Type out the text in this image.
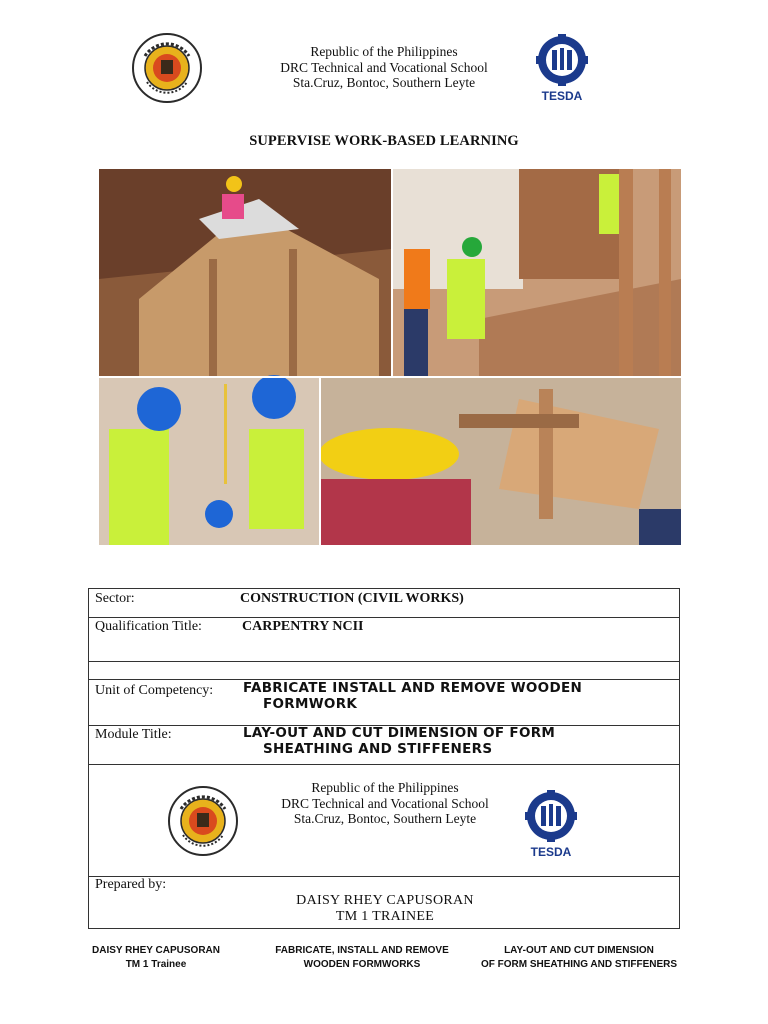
Republic of the Philippines
DRC Technical and Vocational School
Sta.Cruz, Bontoc, Southern Leyte
TESDA
SUPERVISE WORK-BASED LEARNING
Sector:	CONSTRUCTION (CIVIL WORKS)

Qualification Title:	CARPENTRY NCII

Unit of Competency: FABRICATE INSTALL AND REMOVE WOODEN
FORMWORK

Module Title:	LAY-OUT AND CUT DIMENSION OF FORM
SHEATHING AND STIFFENERS

Republic of the Philippines
DRC Technical and Vocational School
Sta.Cruz, Bontoc, Southern Leyte
TESDA

Prepared by:
DAISY RHEY CAPUSORAN
TM 1 TRAINEE
DAISY RHEY CAPUSORAN
TM 1 Trainee
FABRICATE, INSTALL AND REMOVE
WOODEN FORMWORKS
LAY-OUT AND CUT DIMENSION
OF FORM SHEATHING AND STIFFENERS
